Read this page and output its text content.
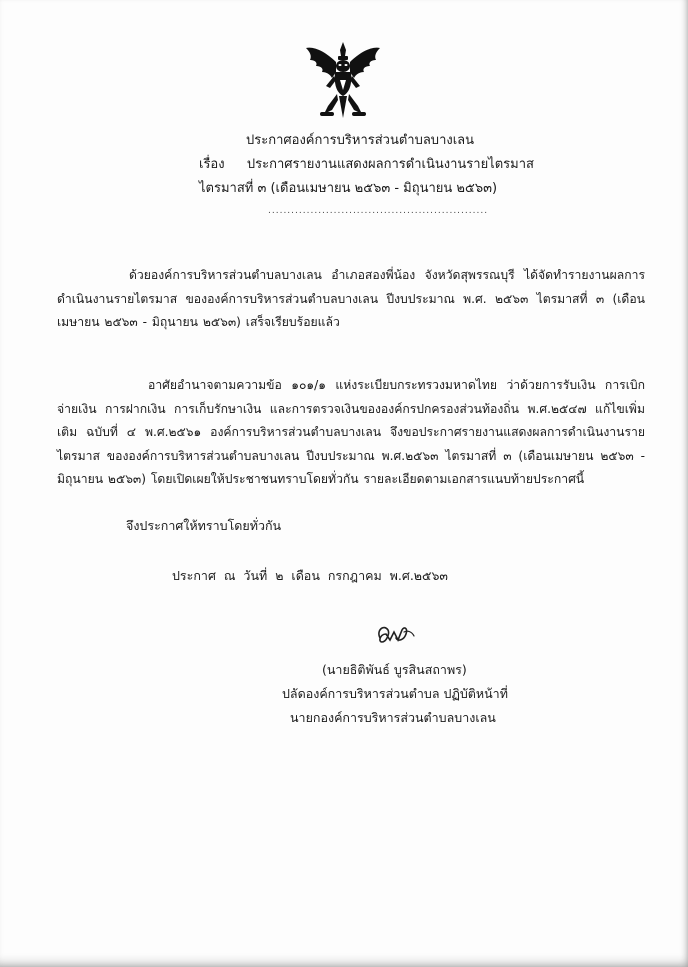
ประกาศองค์การบริหารส่วนตำบลบางเลน
เรื่อง ประกาศรายงานแสดงผลการดำเนินงานรายไตรมาส
ไตรมาสที่ ๓ (เดือนเมษายน ๒๕๖๓ - มิถุนายน ๒๕๖๓)
.........................................................
ด้วยองค์การบริหารส่วนตำบลบางเลน อำเภอสองพี่น้อง จังหวัดสุพรรณบุรี ได้จัดทำรายงานผลการดำเนินงานรายไตรมาส ขององค์การบริหารส่วนตำบลบางเลน ปีงบประมาณ พ.ศ. ๒๕๖๓ ไตรมาสที่ ๓ (เดือนเมษายน ๒๕๖๓ - มิถุนายน ๒๕๖๓) เสร็จเรียบร้อยแล้ว
อาศัยอำนาจตามความข้อ ๑๐๑/๑ แห่งระเบียบกระทรวงมหาดไทย ว่าด้วยการรับเงิน การเบิกจ่ายเงิน การฝากเงิน การเก็บรักษาเงิน และการตรวจเงินขององค์กรปกครองส่วนท้องถิ่น พ.ศ.๒๕๔๗ แก้ไขเพิ่มเติม ฉบับที่ ๔ พ.ศ.๒๕๖๑ องค์การบริหารส่วนตำบลบางเลน จึงขอประกาศรายงานแสดงผลการดำเนินงานรายไตรมาส ขององค์การบริหารส่วนตำบลบางเลน ปีงบประมาณ พ.ศ.๒๕๖๓ ไตรมาสที่ ๓ (เดือนเมษายน ๒๕๖๓ - มิถุนายน ๒๕๖๓) โดยเปิดเผยให้ประชาชนทราบโดยทั่วกัน รายละเอียดตามเอกสารแนบท้ายประกาศนี้
จึงประกาศให้ทราบโดยทั่วกัน
ประกาศ ณ วันที่ ๒ เดือน กรกฎาคม พ.ศ.๒๕๖๓
(นายธิติพันธ์ บูรสินสถาพร)
ปลัดองค์การบริหารส่วนตำบล ปฏิบัติหน้าที่
นายกองค์การบริหารส่วนตำบลบางเลน
